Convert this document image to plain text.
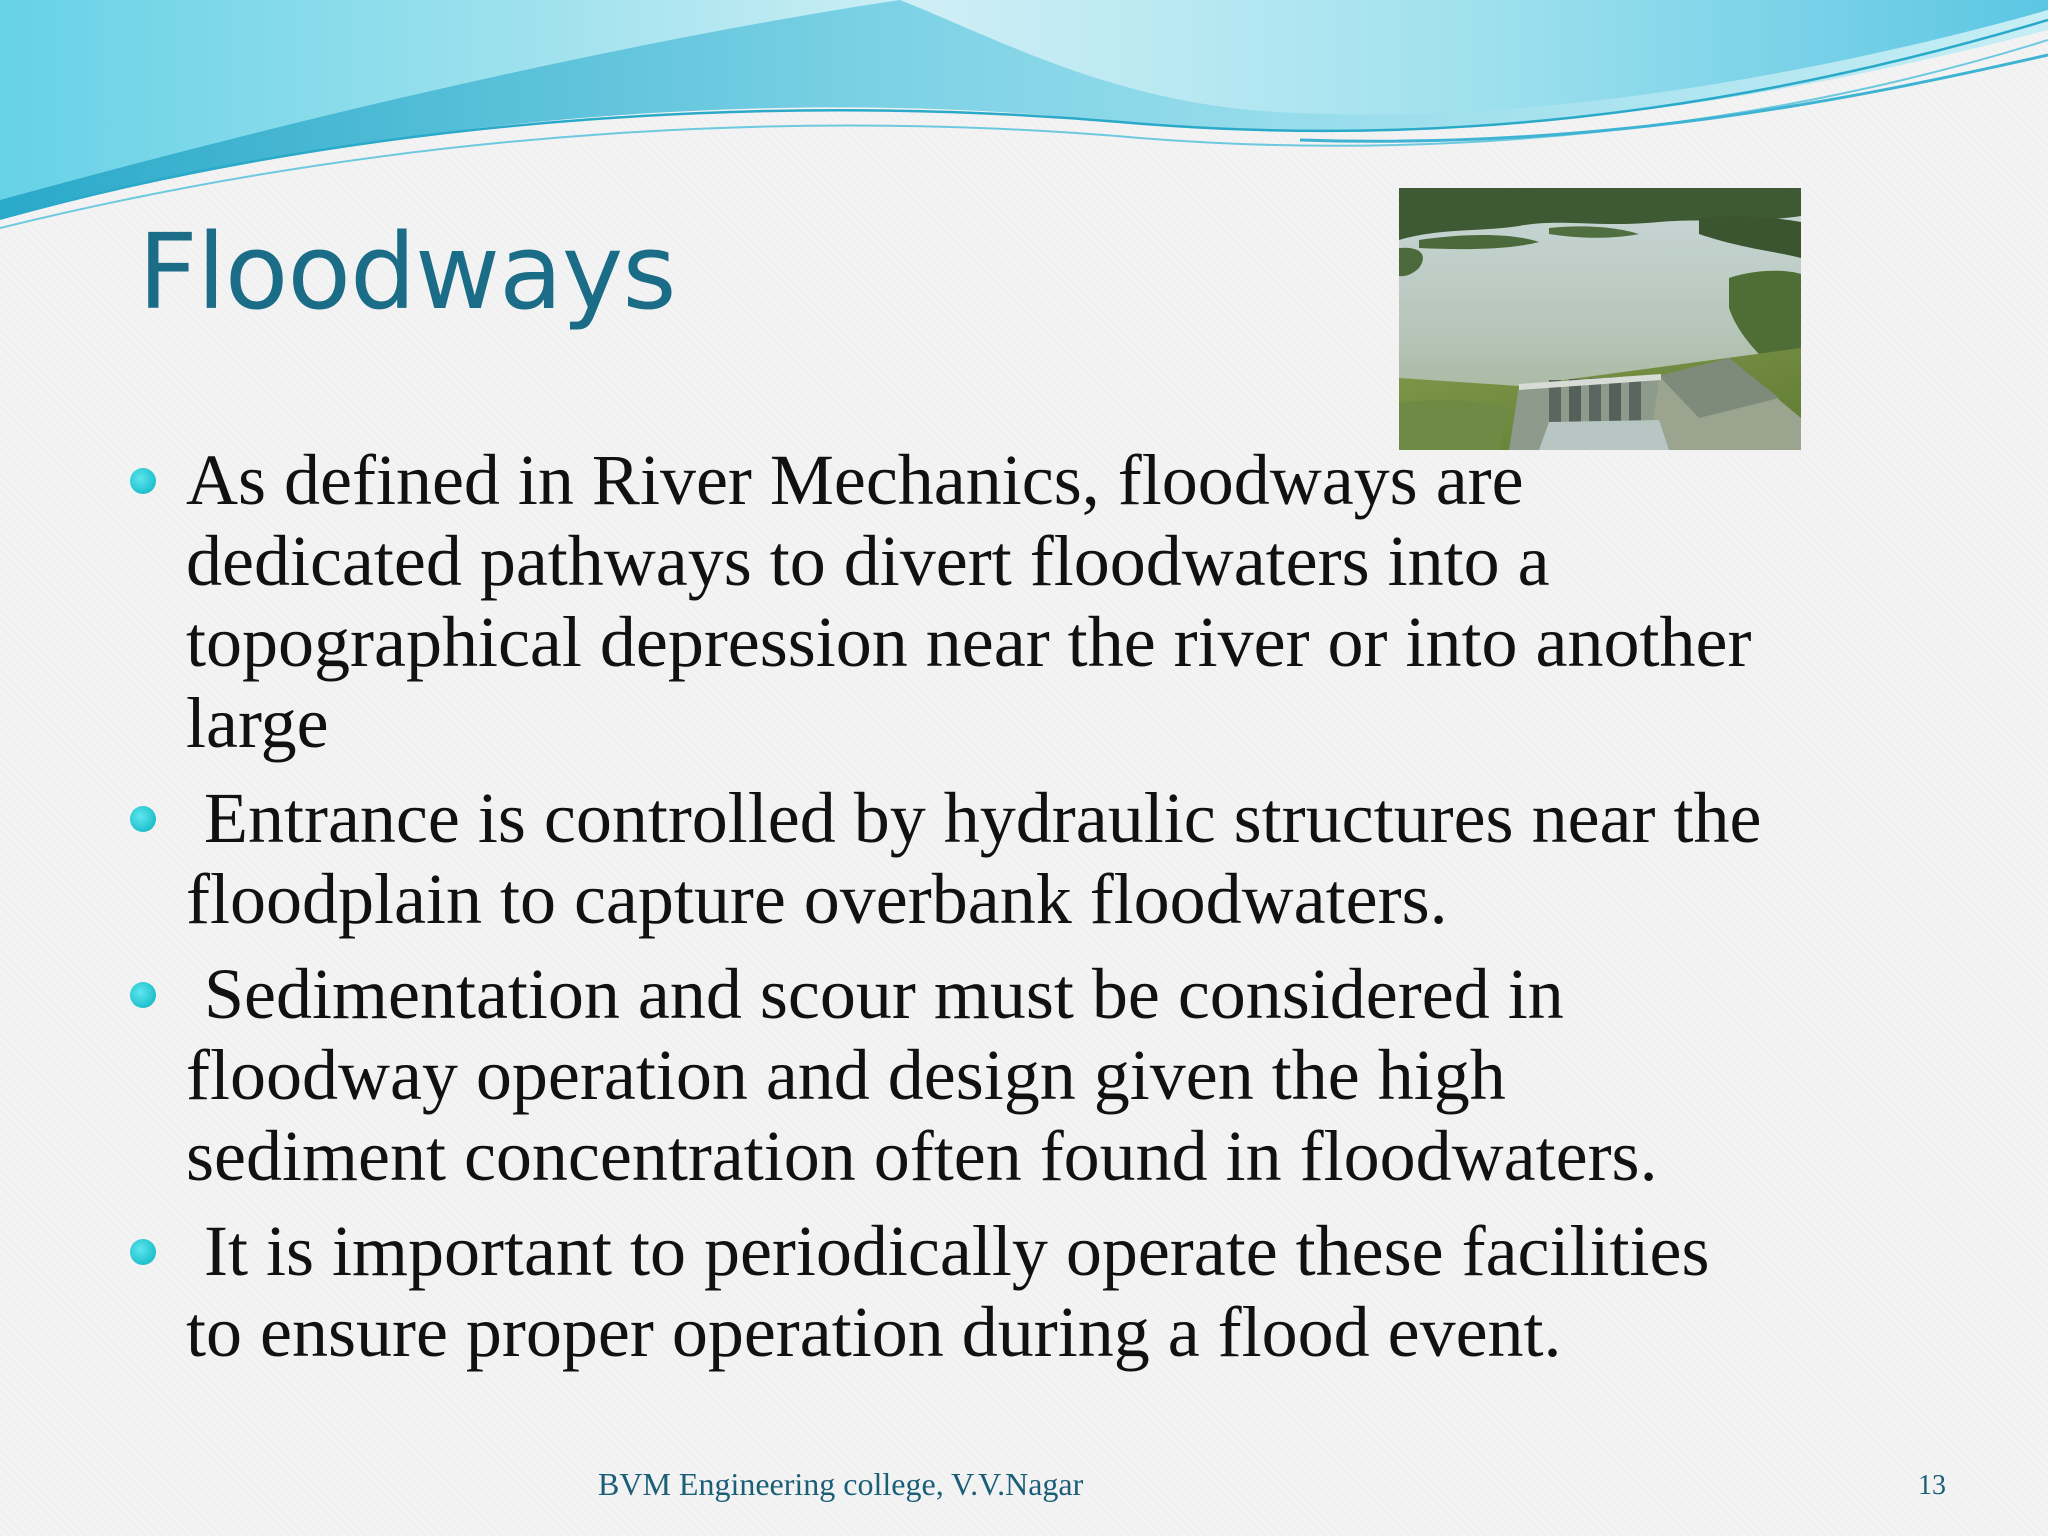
Floodways
As defined in River Mechanics, floodways are
dedicated pathways to divert floodwaters into a
topographical depression near the river or into another
large
Entrance is controlled by hydraulic structures near the
floodplain to capture overbank floodwaters.
Sedimentation and scour must be considered in
floodway operation and design given the high
sediment concentration often found in floodwaters.
It is important to periodically operate these facilities
to ensure proper operation during a flood event.
BVM Engineering college, V.V.Nagar	13
